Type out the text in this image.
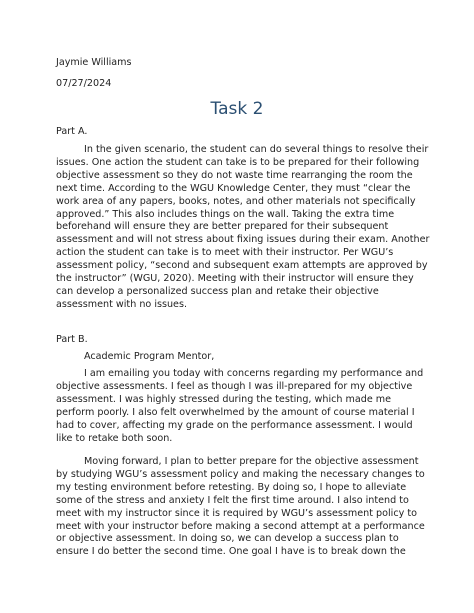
Jaymie Williams
07/27/2024
Task 2
Part A.
In the given scenario, the student can do several things to resolve their
issues. One action the student can take is to be prepared for their following
objective assessment so they do not waste time rearranging the room the
next time. According to the WGU Knowledge Center, they must “clear the
work area of any papers, books, notes, and other materials not specifically
approved.” This also includes things on the wall. Taking the extra time
beforehand will ensure they are better prepared for their subsequent
assessment and will not stress about fixing issues during their exam. Another
action the student can take is to meet with their instructor. Per WGU’s
assessment policy, “second and subsequent exam attempts are approved by
the instructor” (WGU, 2020). Meeting with their instructor will ensure they
can develop a personalized success plan and retake their objective
assessment with no issues.
Part B.
Academic Program Mentor,
I am emailing you today with concerns regarding my performance and
objective assessments. I feel as though I was ill-prepared for my objective
assessment. I was highly stressed during the testing, which made me
perform poorly. I also felt overwhelmed by the amount of course material I
had to cover, affecting my grade on the performance assessment. I would
like to retake both soon.
Moving forward, I plan to better prepare for the objective assessment
by studying WGU’s assessment policy and making the necessary changes to
my testing environment before retesting. By doing so, I hope to alleviate
some of the stress and anxiety I felt the first time around. I also intend to
meet with my instructor since it is required by WGU’s assessment policy to
meet with your instructor before making a second attempt at a performance
or objective assessment. In doing so, we can develop a success plan to
ensure I do better the second time. One goal I have is to break down the
